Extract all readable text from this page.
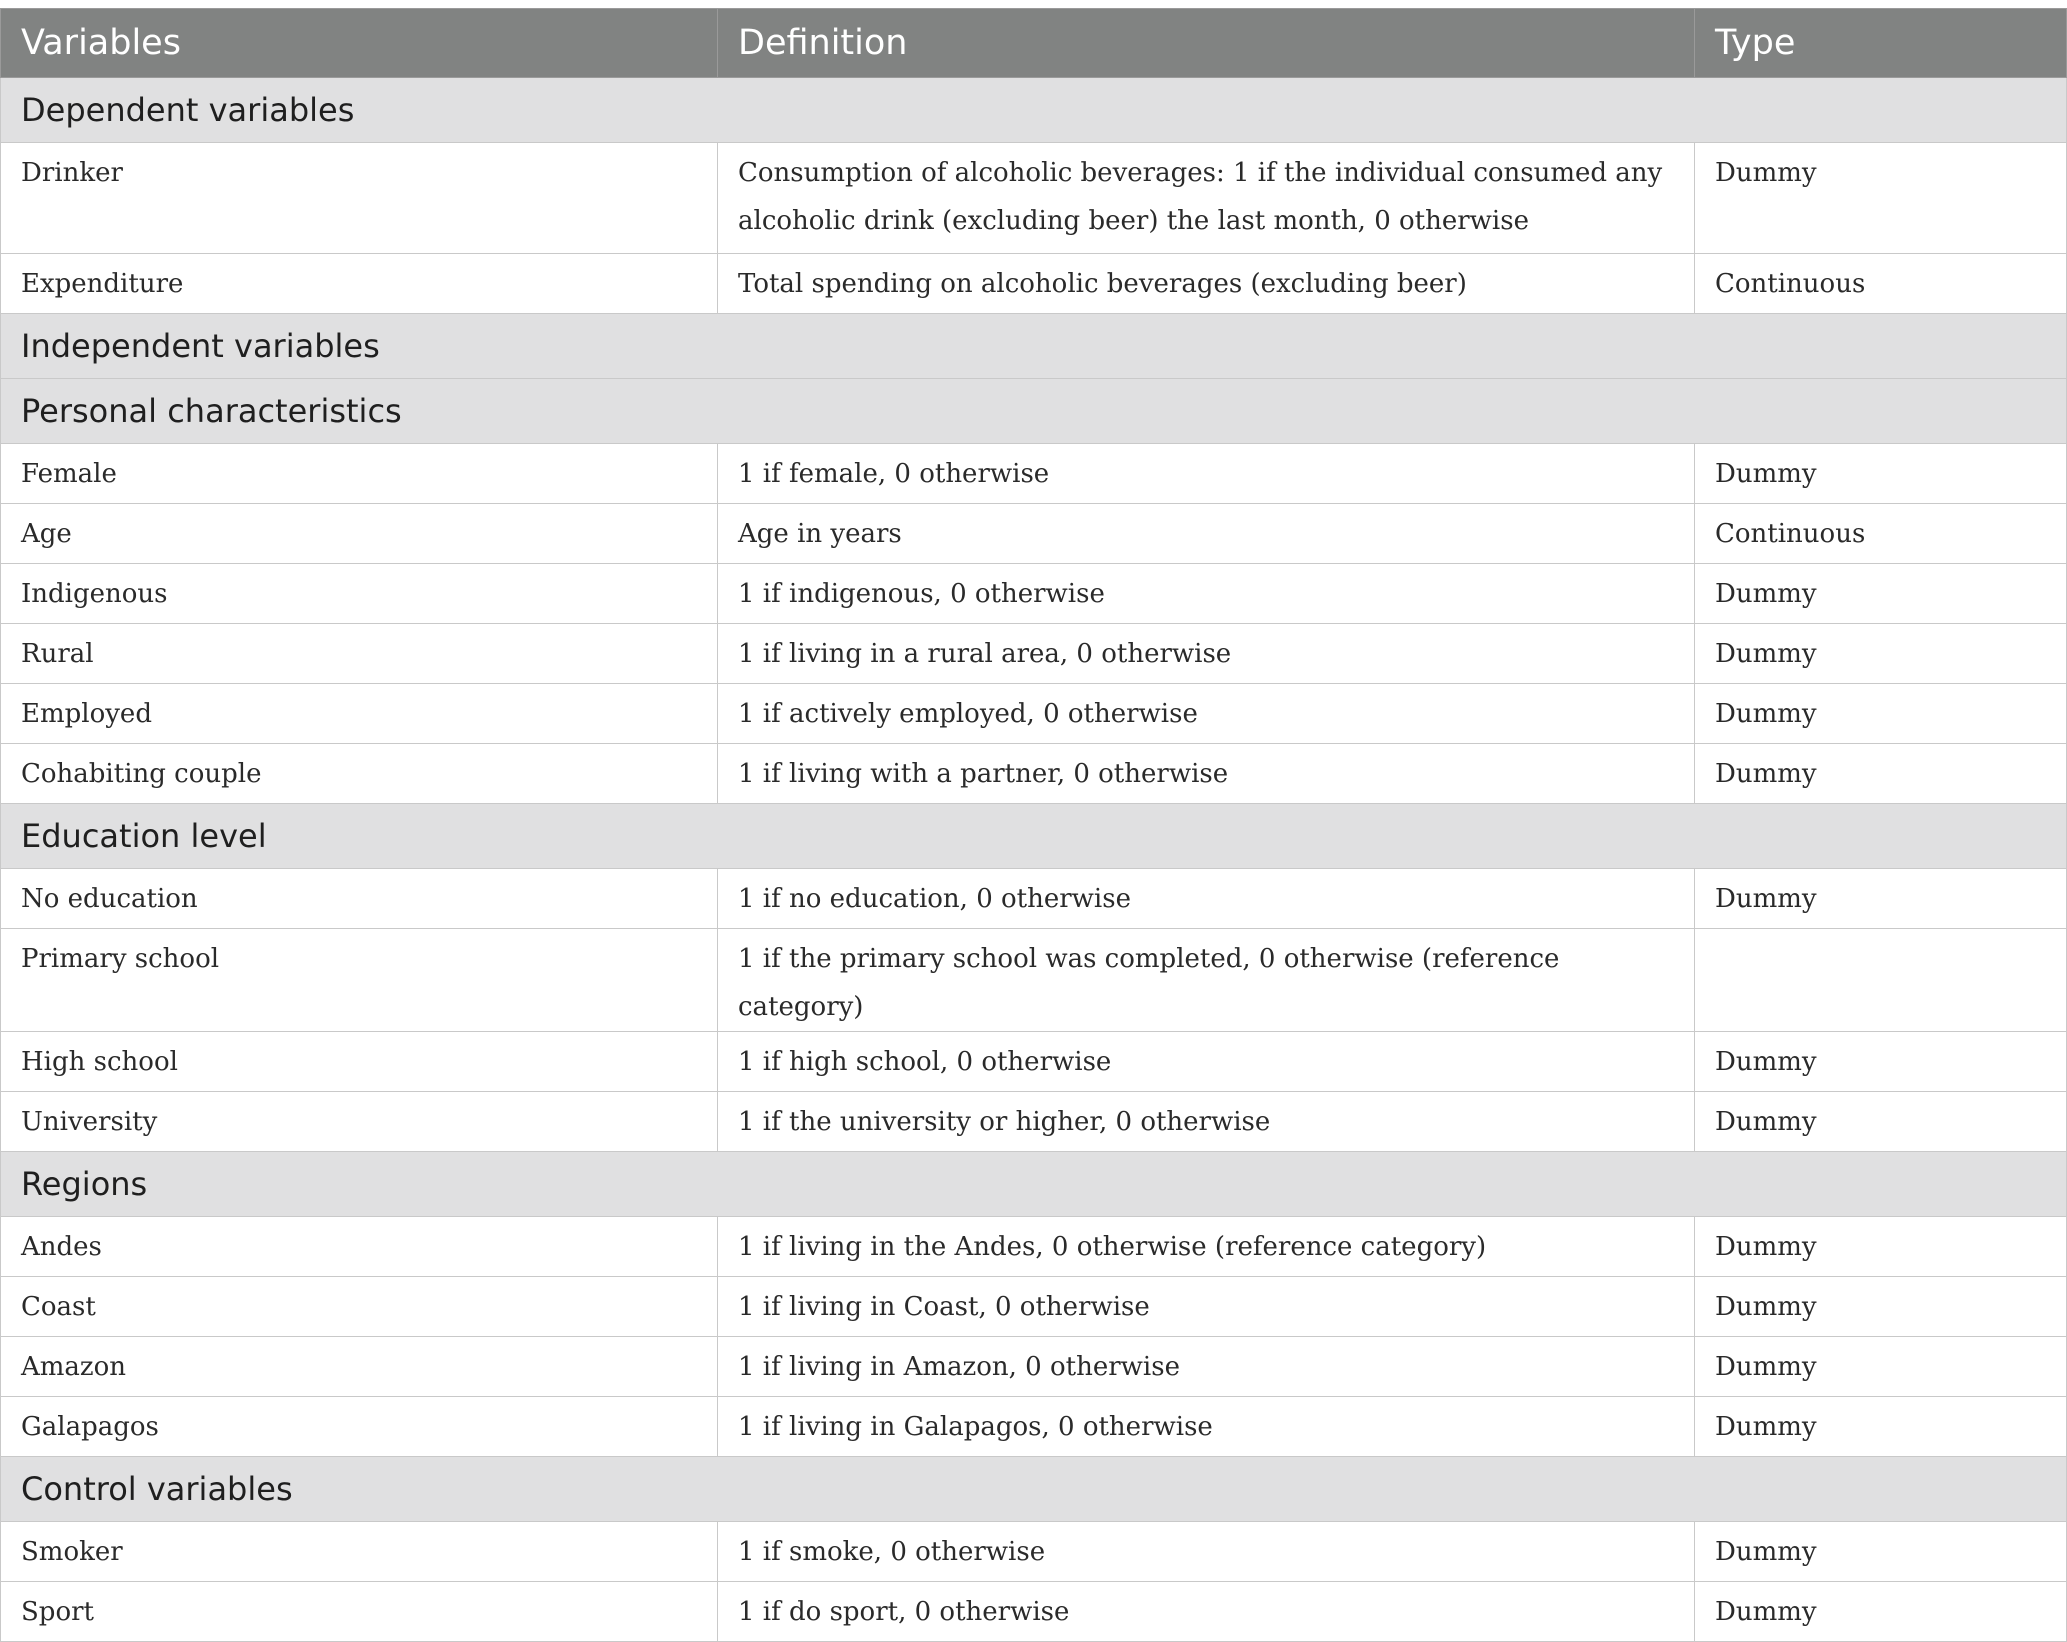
Variables	Definition	Type
Dependent variables		
Drinker	Consumption of alcoholic beverages: 1 if the individual consumed any alcoholic drink (excluding beer) the last month, 0 otherwise	Dummy
Expenditure	Total spending on alcoholic beverages (excluding beer)	Continuous
Independent variables		
Personal characteristics		
Female	1 if female, 0 otherwise	Dummy
Age	Age in years	Continuous
Indigenous	1 if indigenous, 0 otherwise	Dummy
Rural	1 if living in a rural area, 0 otherwise	Dummy
Employed	1 if actively employed, 0 otherwise	Dummy
Cohabiting couple	1 if living with a partner, 0 otherwise	Dummy
Education level		
No education	1 if no education, 0 otherwise	Dummy
Primary school	1 if the primary school was completed, 0 otherwise (reference category)	
High school	1 if high school, 0 otherwise	Dummy
University	1 if the university or higher, 0 otherwise	Dummy
Regions		
Andes	1 if living in the Andes, 0 otherwise (reference category)	Dummy
Coast	1 if living in Coast, 0 otherwise	Dummy
Amazon	1 if living in Amazon, 0 otherwise	Dummy
Galapagos	1 if living in Galapagos, 0 otherwise	Dummy
Control variables		
Smoker	1 if smoke, 0 otherwise	Dummy
Sport	1 if do sport, 0 otherwise	Dummy
